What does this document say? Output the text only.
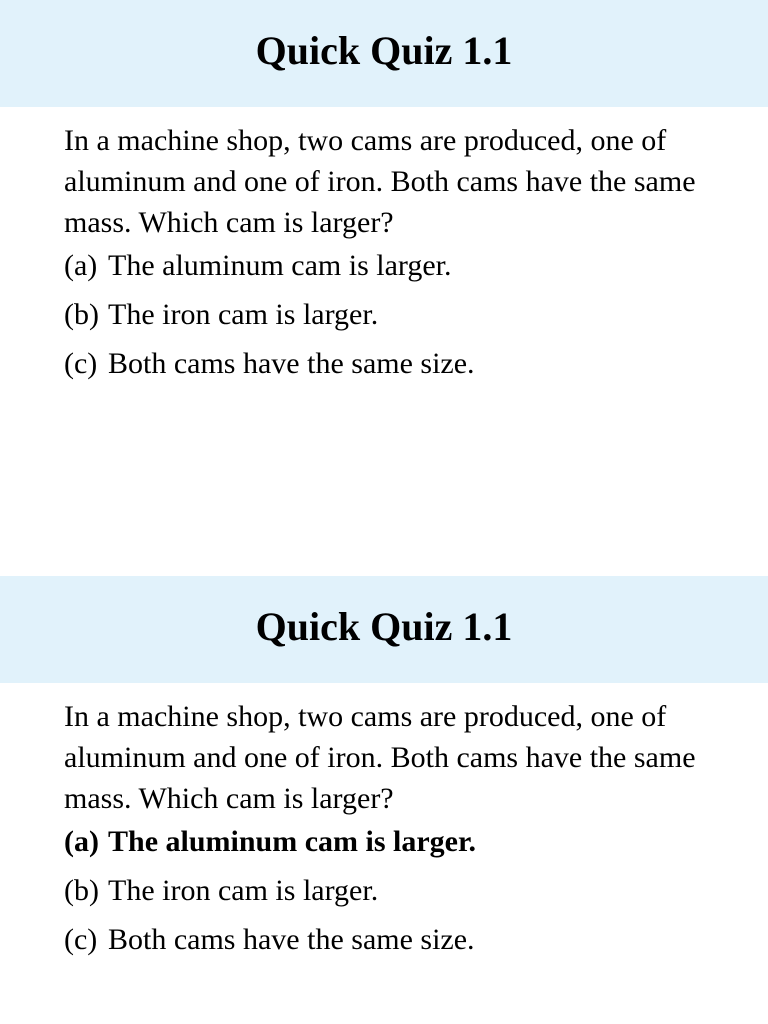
Quick Quiz 1.1

In a machine shop, two cams are produced, one of aluminum and one of iron. Both cams have the same mass. Which cam is larger?

(a) The aluminum cam is larger.
(b) The iron cam is larger.
(c) Both cams have the same size.
Quick Quiz 1.1

In a machine shop, two cams are produced, one of aluminum and one of iron. Both cams have the same mass. Which cam is larger?

(a) The aluminum cam is larger.
(b) The iron cam is larger.
(c) Both cams have the same size.
